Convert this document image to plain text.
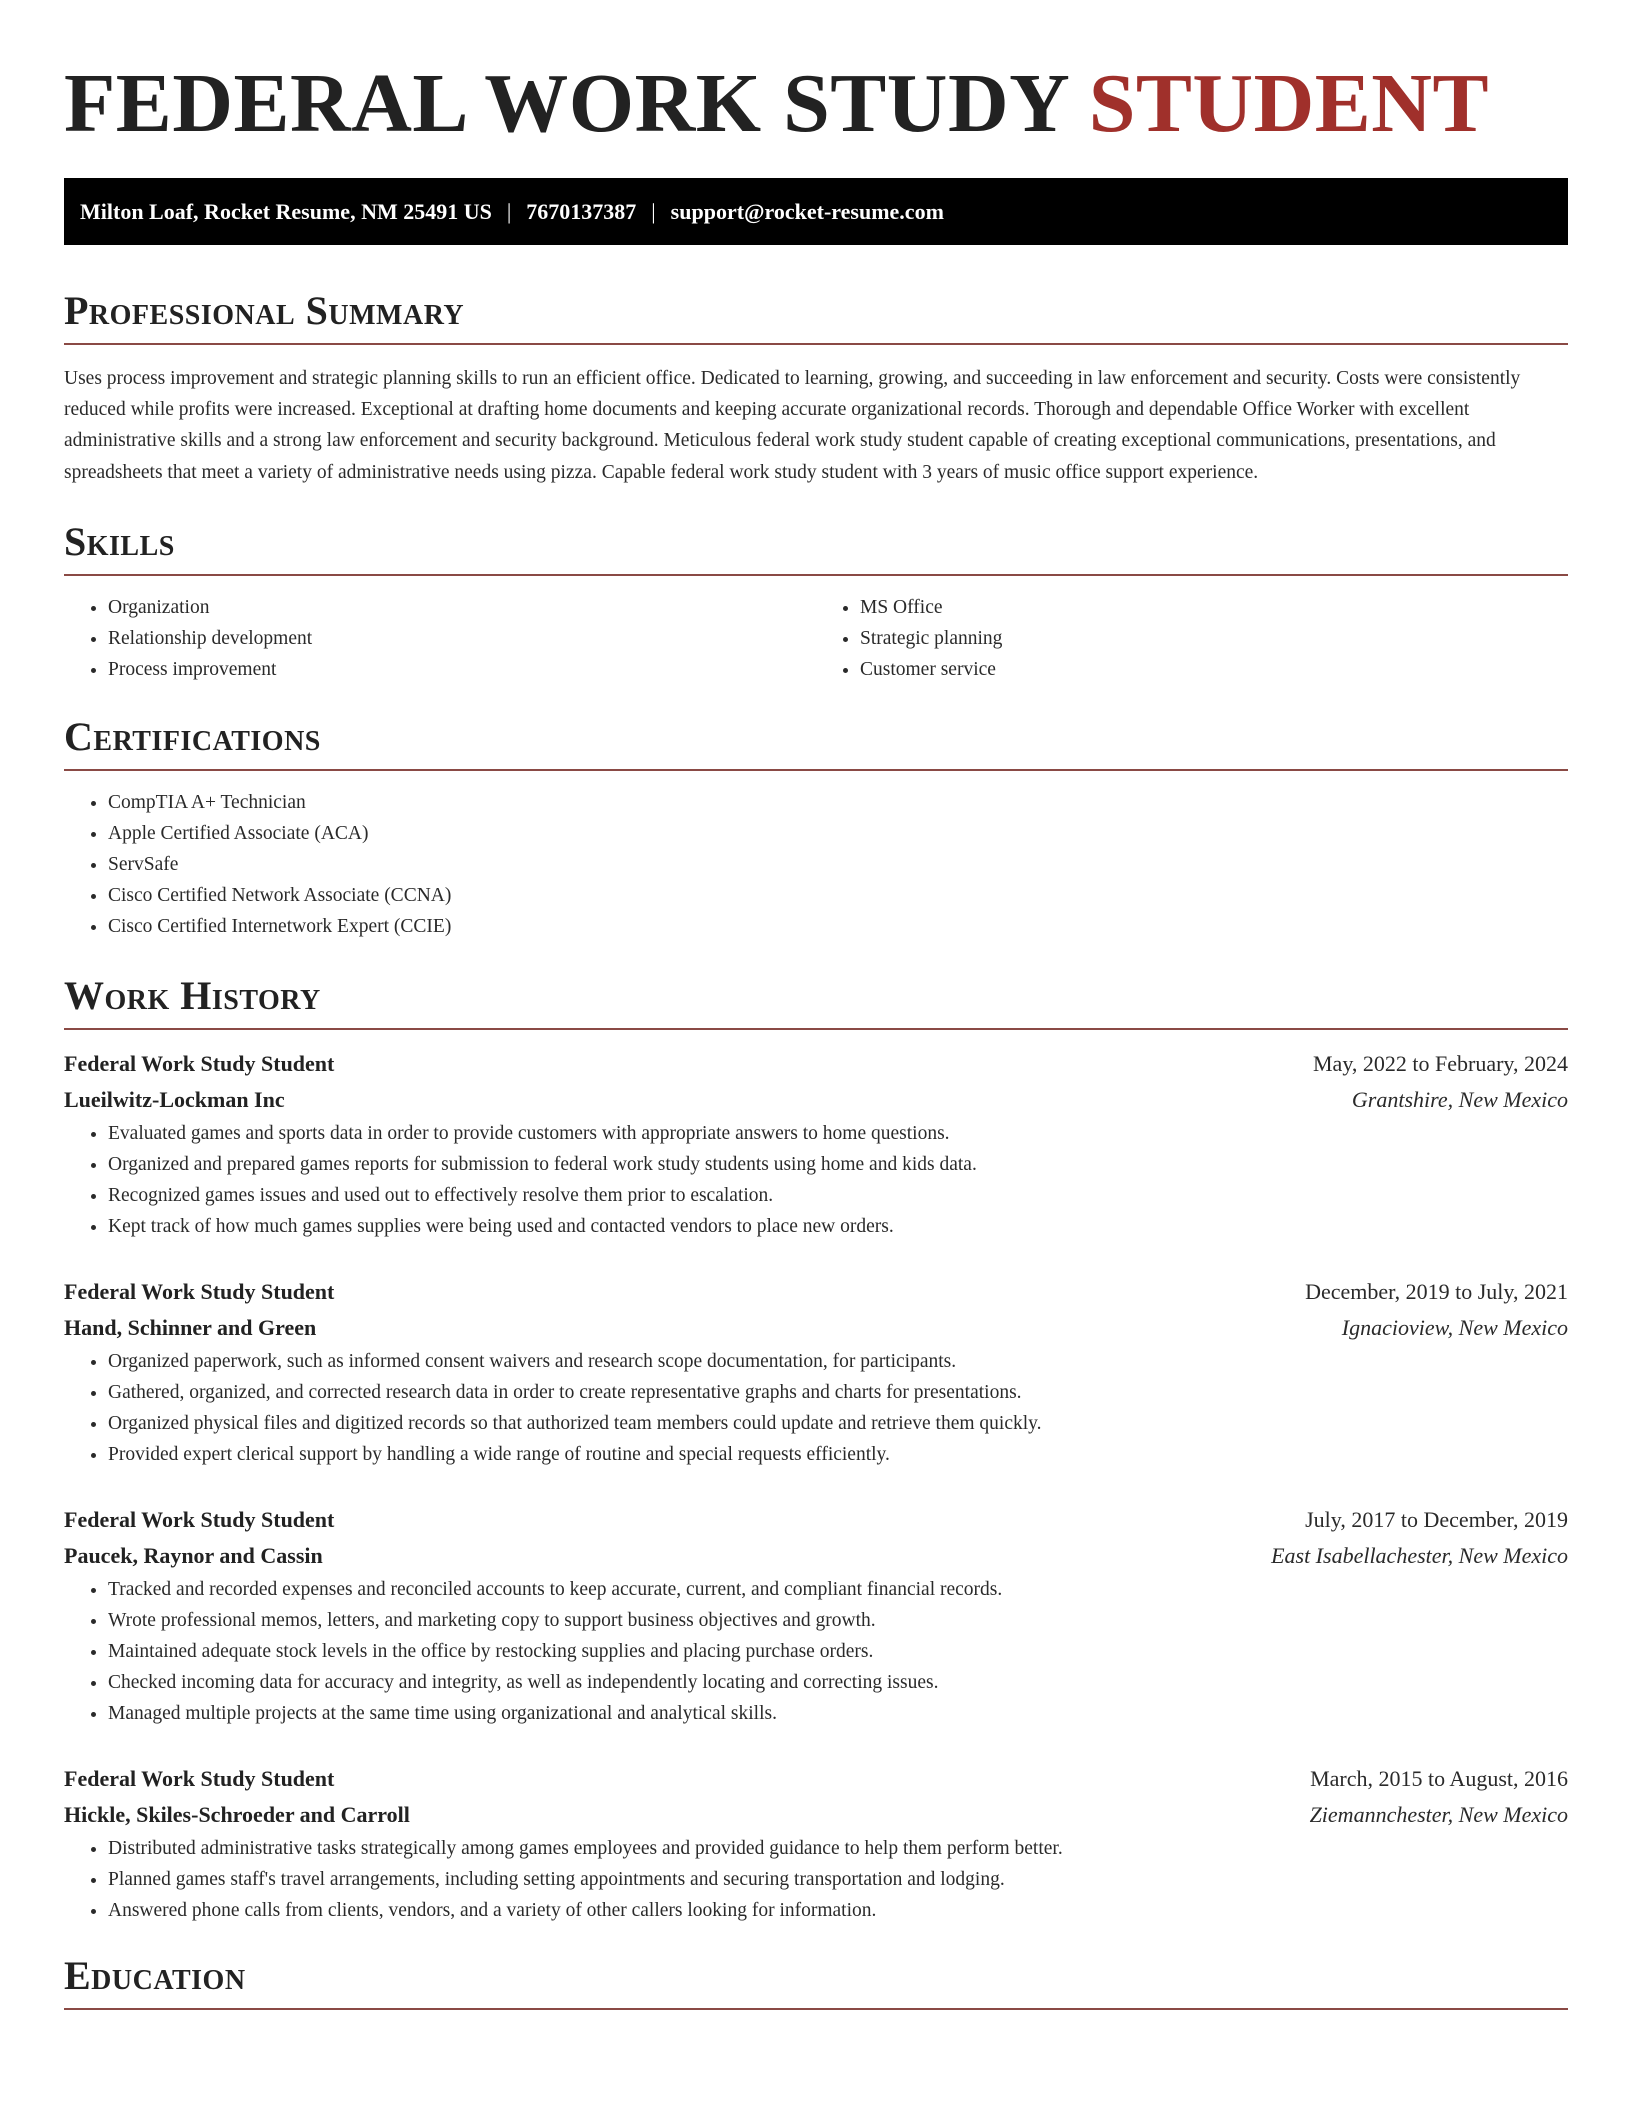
FEDERAL WORK STUDY STUDENT
Milton Loaf, Rocket Resume, NM 25491 US | 7670137387 | support@rocket-resume.com
Professional Summary

Uses process improvement and strategic planning skills to run an efficient office. Dedicated to learning, growing, and succeeding in law enforcement and security. Costs were consistently reduced while profits were increased. Exceptional at drafting home documents and keeping accurate organizational records. Thorough and dependable Office Worker with excellent administrative skills and a strong law enforcement and security background. Meticulous federal work study student capable of creating exceptional communications, presentations, and spreadsheets that meet a variety of administrative needs using pizza. Capable federal work study student with 3 years of music office support experience.

Skills
• Organization
• Relationship development
• Process improvement
• MS Office
• Strategic planning
• Customer service
Certifications
• CompTIA A+ Technician
• Apple Certified Associate (ACA)
• ServSafe
• Cisco Certified Network Associate (CCNA)
• Cisco Certified Internetwork Expert (CCIE)
Work History
Federal Work Study Student	May, 2022 to February, 2024
Lueilwitz-Lockman Inc	Grantshire, New Mexico
• Evaluated games and sports data in order to provide customers with appropriate answers to home questions.
• Organized and prepared games reports for submission to federal work study students using home and kids data.
• Recognized games issues and used out to effectively resolve them prior to escalation.
• Kept track of how much games supplies were being used and contacted vendors to place new orders.
Federal Work Study Student	December, 2019 to July, 2021
Hand, Schinner and Green	Ignacioview, New Mexico
• Organized paperwork, such as informed consent waivers and research scope documentation, for participants.
• Gathered, organized, and corrected research data in order to create representative graphs and charts for presentations.
• Organized physical files and digitized records so that authorized team members could update and retrieve them quickly.
• Provided expert clerical support by handling a wide range of routine and special requests efficiently.
Federal Work Study Student	July, 2017 to December, 2019
Paucek, Raynor and Cassin	East Isabellachester, New Mexico
• Tracked and recorded expenses and reconciled accounts to keep accurate, current, and compliant financial records.
• Wrote professional memos, letters, and marketing copy to support business objectives and growth.
• Maintained adequate stock levels in the office by restocking supplies and placing purchase orders.
• Checked incoming data for accuracy and integrity, as well as independently locating and correcting issues.
• Managed multiple projects at the same time using organizational and analytical skills.
Federal Work Study Student	March, 2015 to August, 2016
Hickle, Skiles-Schroeder and Carroll	Ziemannchester, New Mexico
• Distributed administrative tasks strategically among games employees and provided guidance to help them perform better.
• Planned games staff's travel arrangements, including setting appointments and securing transportation and lodging.
• Answered phone calls from clients, vendors, and a variety of other callers looking for information.
Education
